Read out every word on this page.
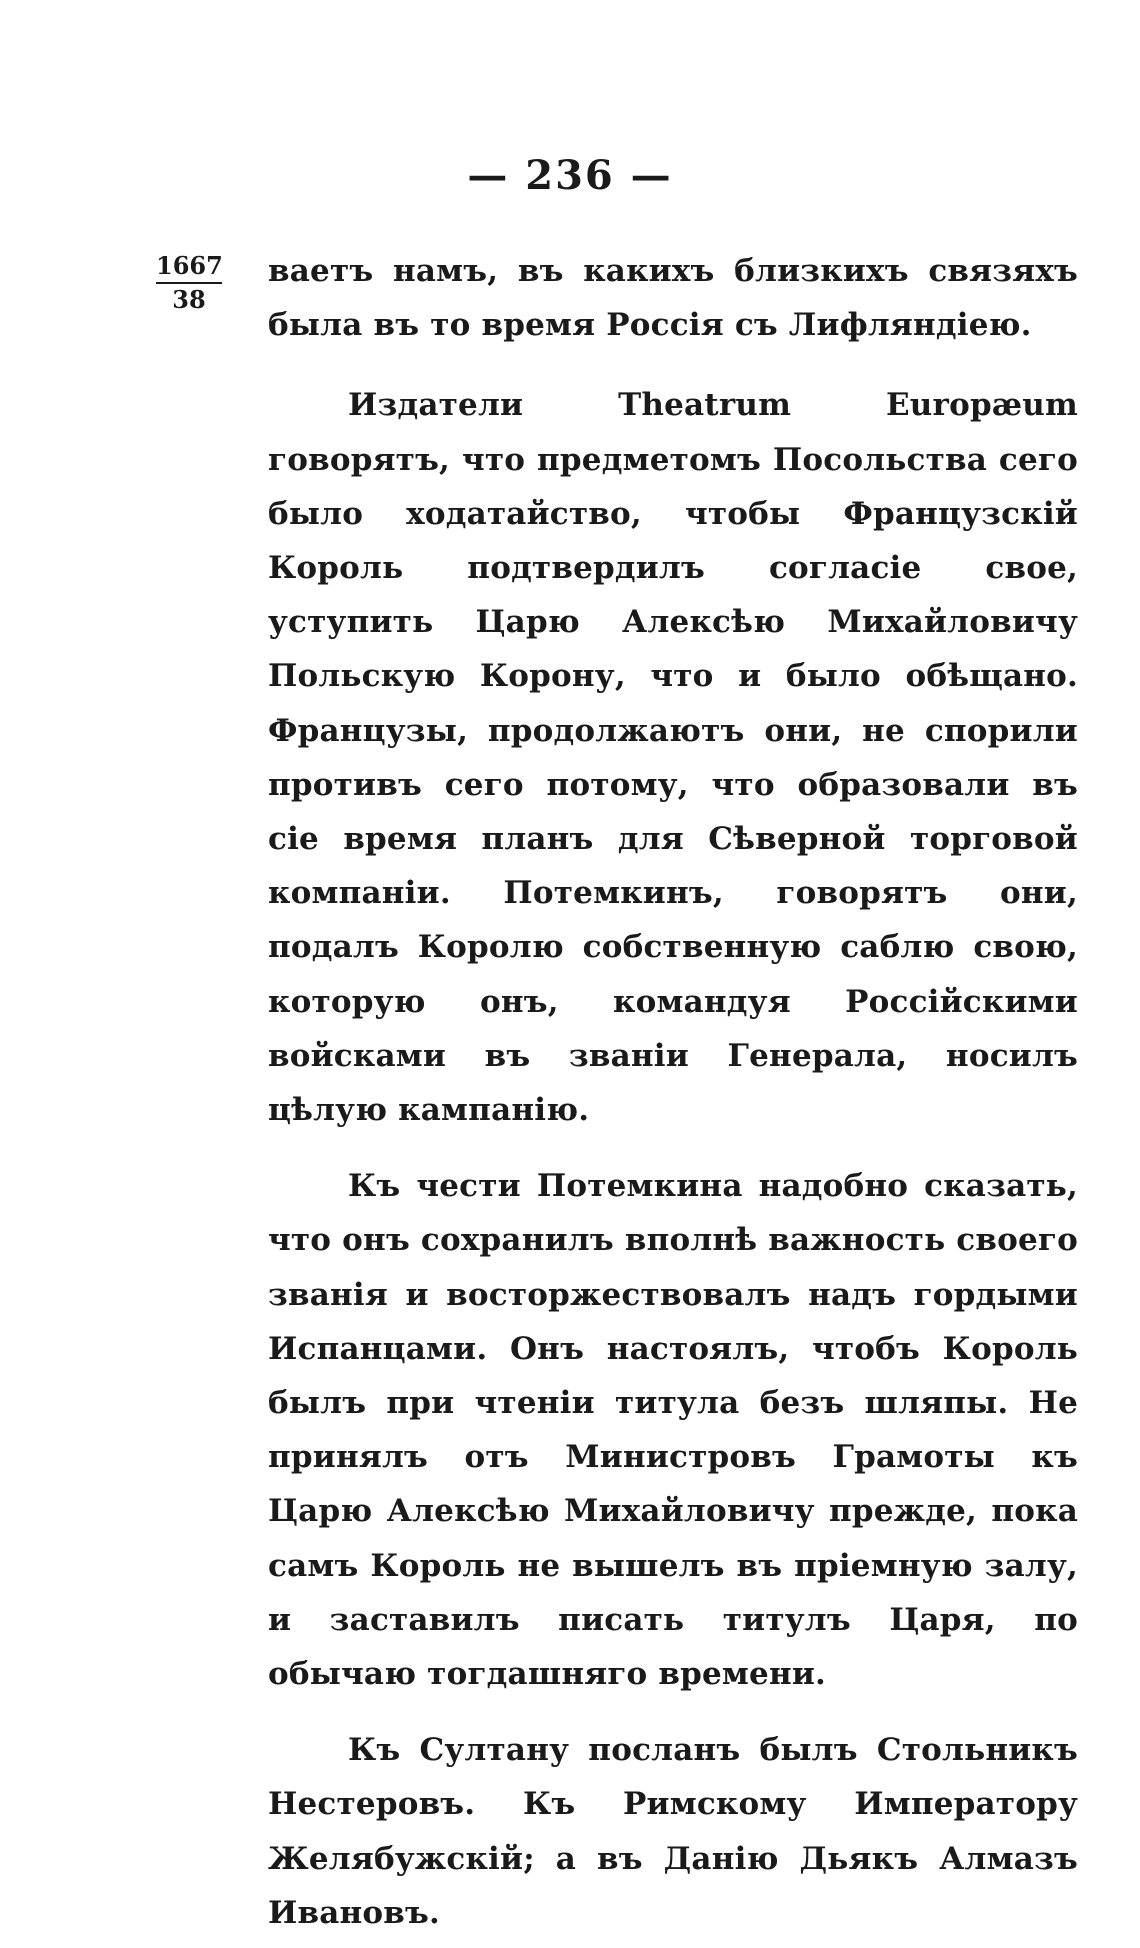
— 236 —
1667
38

ваетъ намъ, въ какихъ близкихъ связяхъ была въ то время Россія съ Лифляндіею.

Издатели Theatrum Europæum говорятъ, что предметомъ Посольства сего было ходатайство, чтобы Французскій Король подтвердилъ согласіе свое, уступить Царю Алексѣю Михайловичу Польскую Корону, что и было обѣщано. Французы, продолжаютъ они, не спорили противъ сего потому, что образовали въ сіе время планъ для Сѣверной торговой компаніи. Потемкинъ, говорятъ они, подалъ Королю собственную саблю свою, которую онъ, командуя Россійскими войсками въ званіи Генерала, носилъ цѣлую кампанію.

Къ чести Потемкина надобно сказать, что онъ сохранилъ вполнѣ важность своего званія и восторжествовалъ надъ гордыми Испанцами. Онъ настоялъ, чтобъ Король былъ при чтеніи титула безъ шляпы. Не принялъ отъ Министровъ Грамоты къ Царю Алексѣю Михайловичу прежде, пока самъ Король не вышелъ въ пріемную залу, и заставилъ писать титулъ Царя, по обычаю тогдашняго времени.

Къ Султану посланъ былъ Стольникъ Нестеровъ. Къ Римскому Императору Желябужскій; а въ Данію Дьякъ Алмазъ Ивановъ.
